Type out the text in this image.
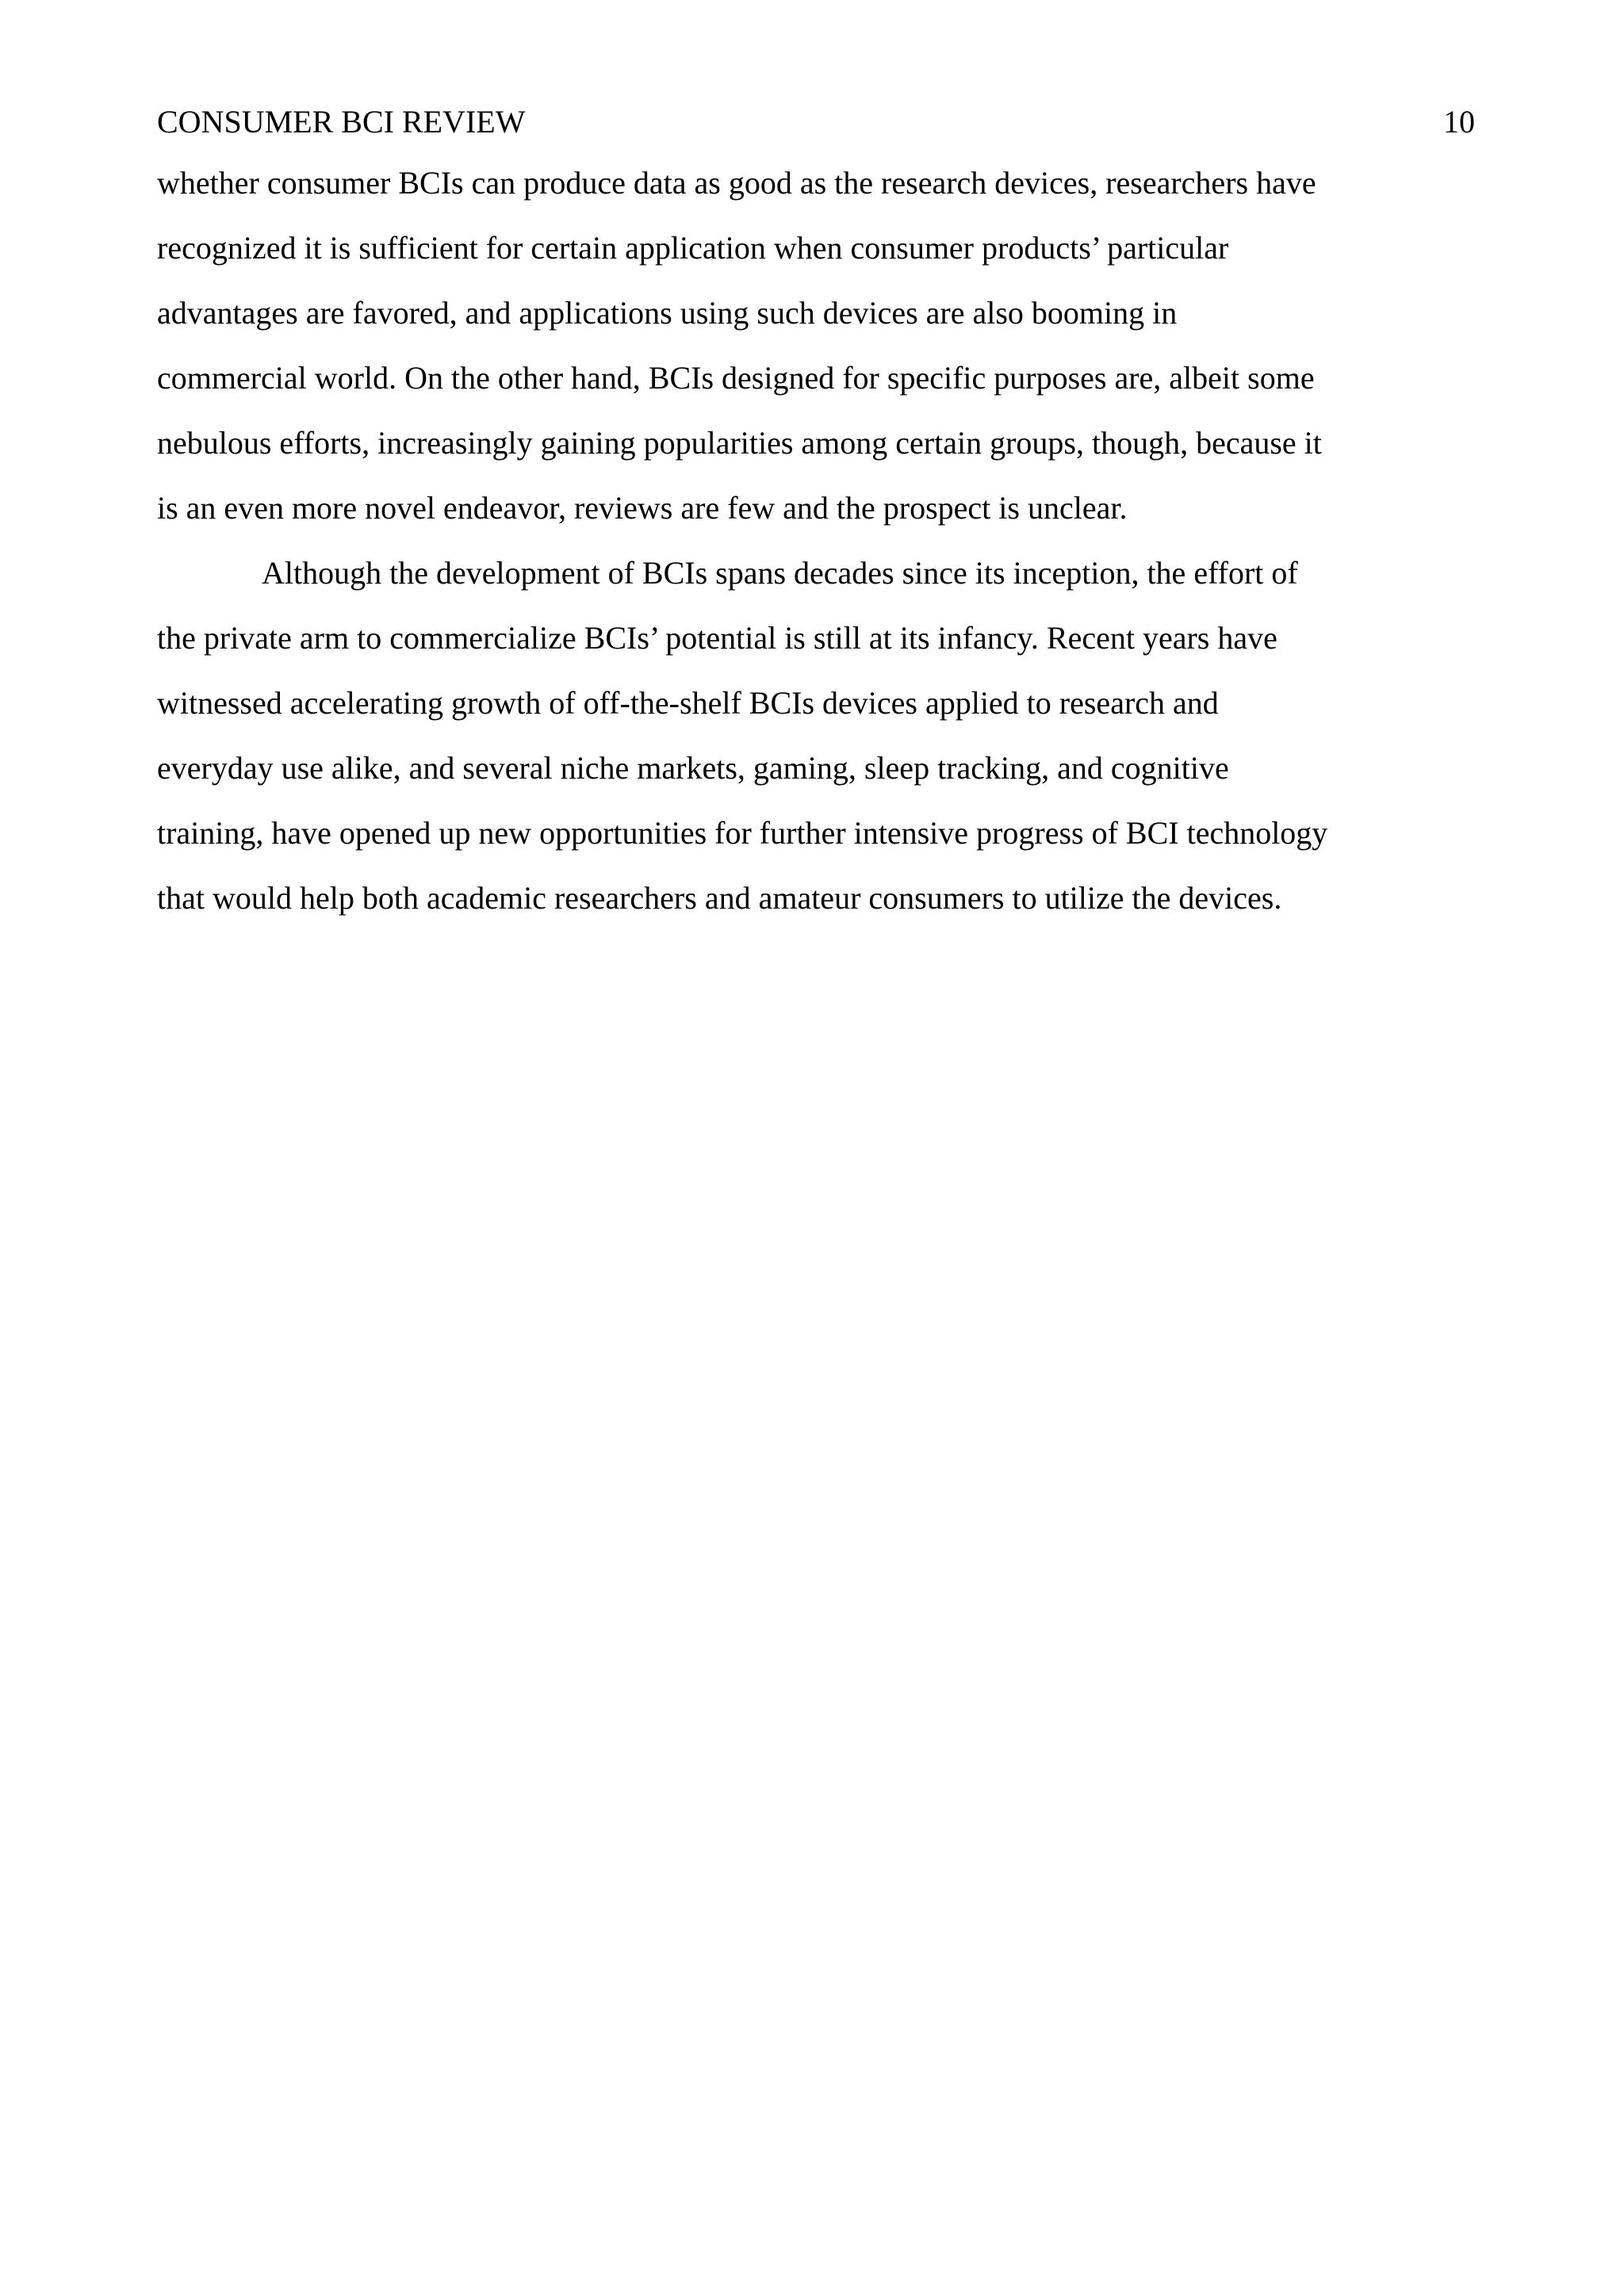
CONSUMER BCI REVIEW	10

whether consumer BCIs can produce data as good as the research devices, researchers have
recognized it is sufficient for certain application when consumer products’ particular
advantages are favored, and applications using such devices are also booming in
commercial world. On the other hand, BCIs designed for specific purposes are, albeit some
nebulous efforts, increasingly gaining popularities among certain groups, though, because it
is an even more novel endeavor, reviews are few and the prospect is unclear.

Although the development of BCIs spans decades since its inception, the effort of
the private arm to commercialize BCIs’ potential is still at its infancy. Recent years have
witnessed accelerating growth of off-the-shelf BCIs devices applied to research and
everyday use alike, and several niche markets, gaming, sleep tracking, and cognitive
training, have opened up new opportunities for further intensive progress of BCI technology
that would help both academic researchers and amateur consumers to utilize the devices.
